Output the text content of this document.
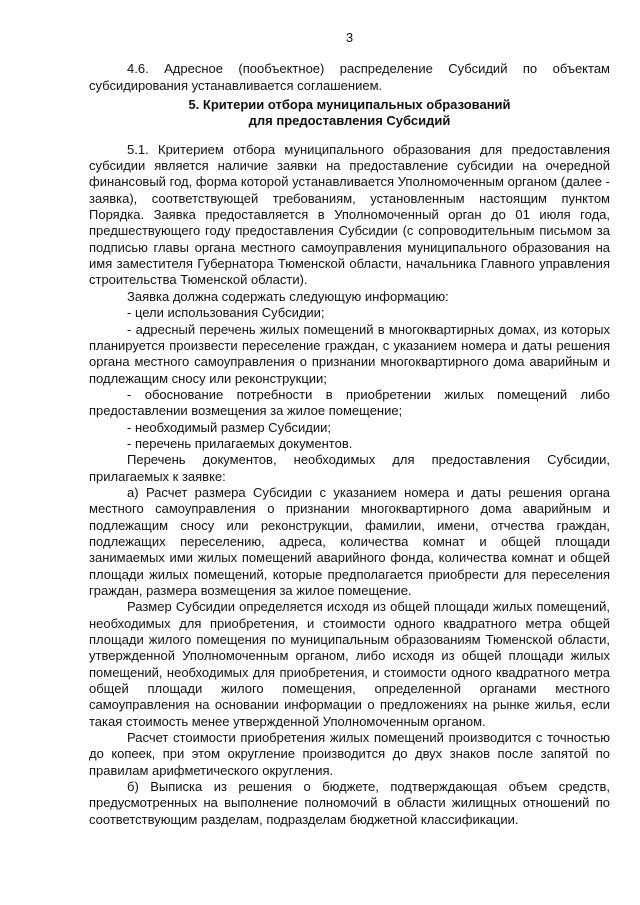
3

4.6. Адресное (пообъектное) распределение Субсидий по объектам субсидирования устанавливается соглашением.

5. Критерии отбора муниципальных образований
для предоставления Субсидий

5.1. Критерием отбора муниципального образования для предоставления субсидии является наличие заявки на предоставление субсидии на очередной финансовый год, форма которой устанавливается Уполномоченным органом (далее - заявка), соответствующей требованиям, установленным настоящим пунктом Порядка. Заявка предоставляется в Уполномоченный орган до 01 июля года, предшествующего году предоставления Субсидии (с сопроводительным письмом за подписью главы органа местного самоуправления муниципального образования на имя заместителя Губернатора Тюменской области, начальника Главного управления строительства Тюменской области).

Заявка должна содержать следующую информацию:

- цели использования Субсидии;

- адресный перечень жилых помещений в многоквартирных домах, из которых планируется произвести переселение граждан, с указанием номера и даты решения органа местного самоуправления о признании многоквартирного дома аварийным и подлежащим сносу или реконструкции;

- обоснование потребности в приобретении жилых помещений либо предоставлении возмещения за жилое помещение;

- необходимый размер Субсидии;

- перечень прилагаемых документов.

Перечень документов, необходимых для предоставления Субсидии, прилагаемых к заявке:

а) Расчет размера Субсидии с указанием номера и даты решения органа местного самоуправления о признании многоквартирного дома аварийным и подлежащим сносу или реконструкции, фамилии, имени, отчества граждан, подлежащих переселению, адреса, количества комнат и общей площади занимаемых ими жилых помещений аварийного фонда, количества комнат и общей площади жилых помещений, которые предполагается приобрести для переселения граждан, размера возмещения за жилое помещение.

Размер Субсидии определяется исходя из общей площади жилых помещений, необходимых для приобретения, и стоимости одного квадратного метра общей площади жилого помещения по муниципальным образованиям Тюменской области, утвержденной Уполномоченным органом, либо исходя из общей площади жилых помещений, необходимых для приобретения, и стоимости одного квадратного метра общей площади жилого помещения, определенной органами местного самоуправления на основании информации о предложениях на рынке жилья, если такая стоимость менее утвержденной Уполномоченным органом.

Расчет стоимости приобретения жилых помещений производится с точностью до копеек, при этом округление производится до двух знаков после запятой по правилам арифметического округления.

б) Выписка из решения о бюджете, подтверждающая объем средств, предусмотренных на выполнение полномочий в области жилищных отношений по соответствующим разделам, подразделам бюджетной классификации.
